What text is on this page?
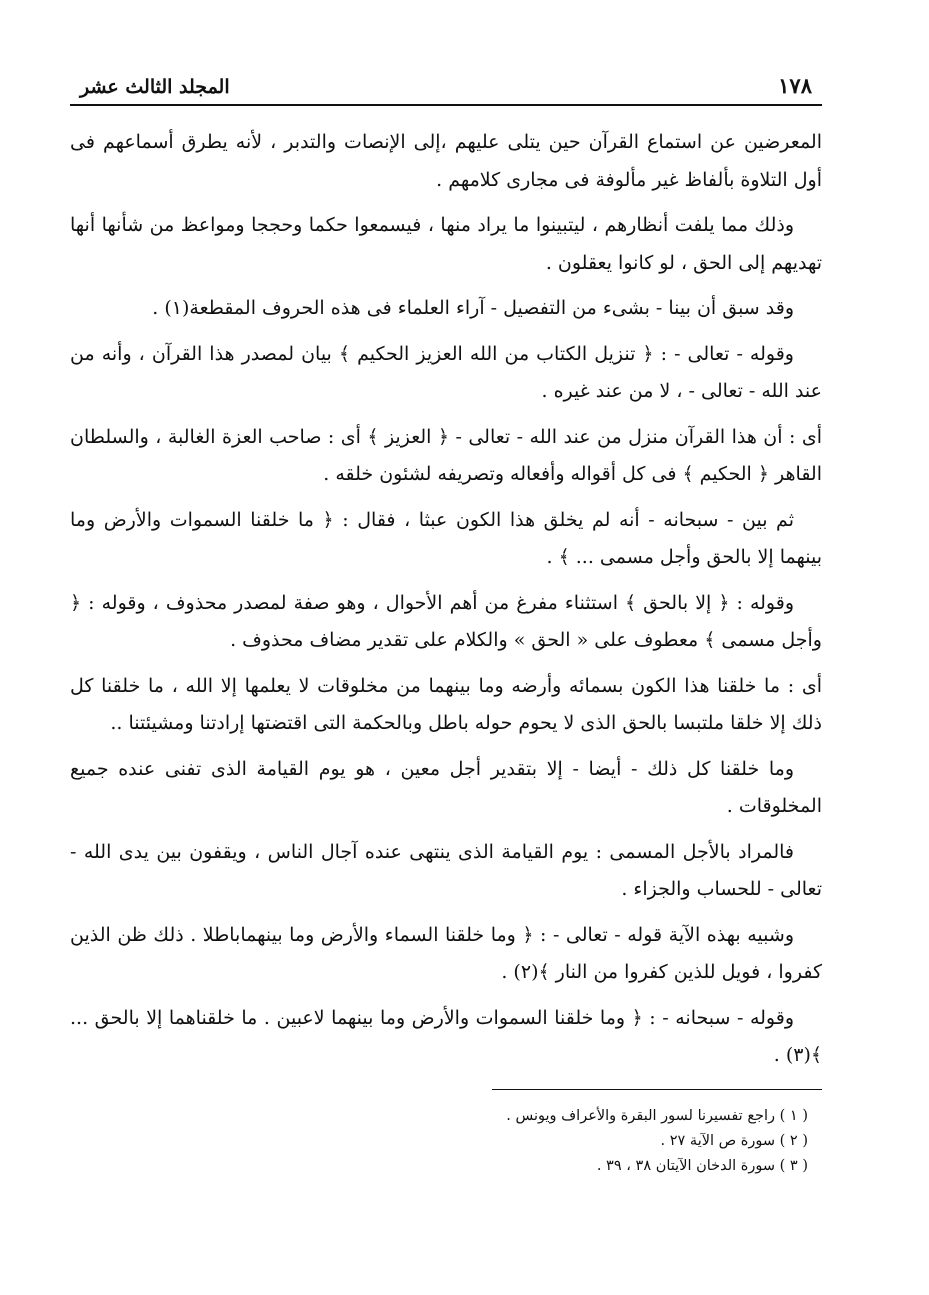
١٧٨
المجلد الثالث عشر

المعرضين عن استماع القرآن حين يتلى عليهم ،إلى الإنصات والتدبر ، لأنه يطرق أسماعهم فى أول التلاوة بألفاظ غير مألوفة فى مجارى كلامهم .

وذلك مما يلفت أنظارهم ، ليتبينوا ما يراد منها ، فيسمعوا حكما وحججا ومواعظ من شأنها أنها تهديهم إلى الحق ، لو كانوا يعقلون .

وقد سبق أن بينا - بشىء من التفصيل - آراء العلماء فى هذه الحروف المقطعة(١) .

وقوله - تعالى - : ﴿ تنزيل الكتاب من الله العزيز الحكيم ﴾ بيان لمصدر هذا القرآن ، وأنه من عند الله - تعالى - ، لا من عند غيره .

أى : أن هذا القرآن منزل من عند الله - تعالى - ﴿ العزيز ﴾ أى : صاحب العزة الغالبة ، والسلطان القاهر ﴿ الحكيم ﴾ فى كل أقواله وأفعاله وتصريفه لشئون خلقه .

ثم بين - سبحانه - أنه لم يخلق هذا الكون عبثا ، فقال : ﴿ ما خلقنا السموات والأرض وما بينهما إلا بالحق وأجل مسمى ... ﴾ .

وقوله : ﴿ إلا بالحق ﴾ استثناء مفرغ من أهم الأحوال ، وهو صفة لمصدر محذوف ، وقوله : ﴿ وأجل مسمى ﴾ معطوف على « الحق » والكلام على تقدير مضاف محذوف .

أى : ما خلقنا هذا الكون بسمائه وأرضه وما بينهما من مخلوقات لا يعلمها إلا الله ، ما خلقنا كل ذلك إلا خلقا ملتبسا بالحق الذى لا يحوم حوله باطل وبالحكمة التى اقتضتها إرادتنا ومشيئتنا ..

وما خلقنا كل ذلك - أيضا - إلا بتقدير أجل معين ، هو يوم القيامة الذى تفنى عنده جميع المخلوقات .

فالمراد بالأجل المسمى : يوم القيامة الذى ينتهى عنده آجال الناس ، ويقفون بين يدى الله - تعالى - للحساب والجزاء .

وشبيه بهذه الآية قوله - تعالى - : ﴿ وما خلقنا السماء والأرض وما بينهماباطلا . ذلك ظن الذين كفروا ، فويل للذين كفروا من النار ﴾(٢) .

وقوله - سبحانه - : ﴿ وما خلقنا السموات والأرض وما بينهما لاعبين . ما خلقناهما إلا بالحق ... ﴾(٣) .

( ١ ) راجع تفسيرنا لسور البقرة والأعراف ويونس .

( ٢ ) سورة ص الآية ٢٧ .

( ٣ ) سورة الدخان الآيتان ٣٨ ، ٣٩ .
